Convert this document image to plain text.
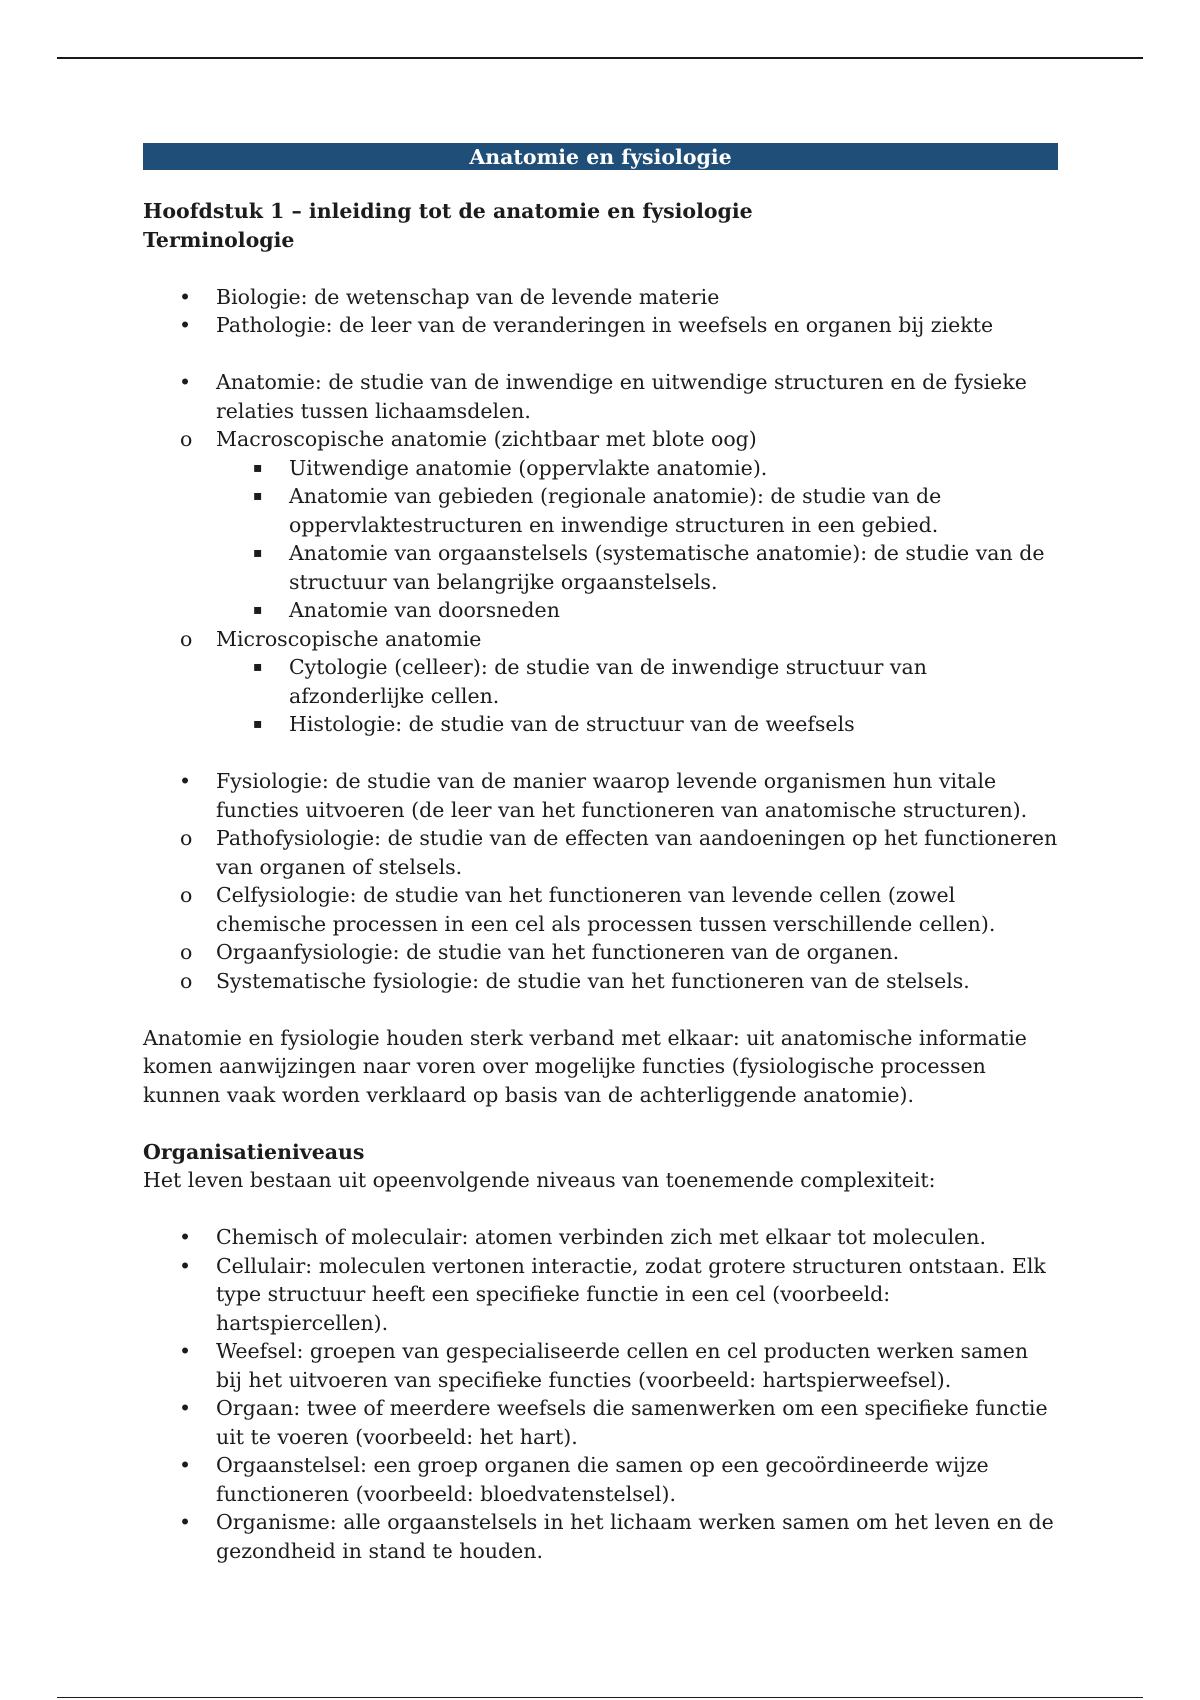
Anatomie en fysiologie

Hoofdstuk 1 – inleiding tot de anatomie en fysiologie

Terminologie

• Biologie: de wetenschap van de levende materie
• Pathologie: de leer van de veranderingen in weefsels en organen bij ziekte
• Anatomie: de studie van de inwendige en uitwendige structuren en de fysieke relaties tussen lichaamsdelen.
o Macroscopische anatomie (zichtbaar met blote oog)
▪ Uitwendige anatomie (oppervlakte anatomie).
▪ Anatomie van gebieden (regionale anatomie): de studie van de oppervlaktestructuren en inwendige structuren in een gebied.
▪ Anatomie van orgaanstelsels (systematische anatomie): de studie van de structuur van belangrijke orgaanstelsels.
▪ Anatomie van doorsneden
o Microscopische anatomie
▪ Cytologie (celleer): de studie van de inwendige structuur van afzonderlijke cellen.
▪ Histologie: de studie van de structuur van de weefsels
• Fysiologie: de studie van de manier waarop levende organismen hun vitale functies uitvoeren (de leer van het functioneren van anatomische structuren).
o Pathofysiologie: de studie van de effecten van aandoeningen op het functioneren van organen of stelsels.
o Celfysiologie: de studie van het functioneren van levende cellen (zowel chemische processen in een cel als processen tussen verschillende cellen).
o Orgaanfysiologie: de studie van het functioneren van de organen.
o Systematische fysiologie: de studie van het functioneren van de stelsels.

Anatomie en fysiologie houden sterk verband met elkaar: uit anatomische informatie komen aanwijzingen naar voren over mogelijke functies (fysiologische processen kunnen vaak worden verklaard op basis van de achterliggende anatomie).

Organisatieniveaus

Het leven bestaan uit opeenvolgende niveaus van toenemende complexiteit:

• Chemisch of moleculair: atomen verbinden zich met elkaar tot moleculen.
• Cellulair: moleculen vertonen interactie, zodat grotere structuren ontstaan. Elk type structuur heeft een specifieke functie in een cel (voorbeeld: hartspiercellen).
• Weefsel: groepen van gespecialiseerde cellen en cel producten werken samen bij het uitvoeren van specifieke functies (voorbeeld: hartspierweefsel).
• Orgaan: twee of meerdere weefsels die samenwerken om een specifieke functie uit te voeren (voorbeeld: het hart).
• Orgaanstelsel: een groep organen die samen op een gecoördineerde wijze functioneren (voorbeeld: bloedvatenstelsel).
• Organisme: alle orgaanstelsels in het lichaam werken samen om het leven en de gezondheid in stand te houden.
